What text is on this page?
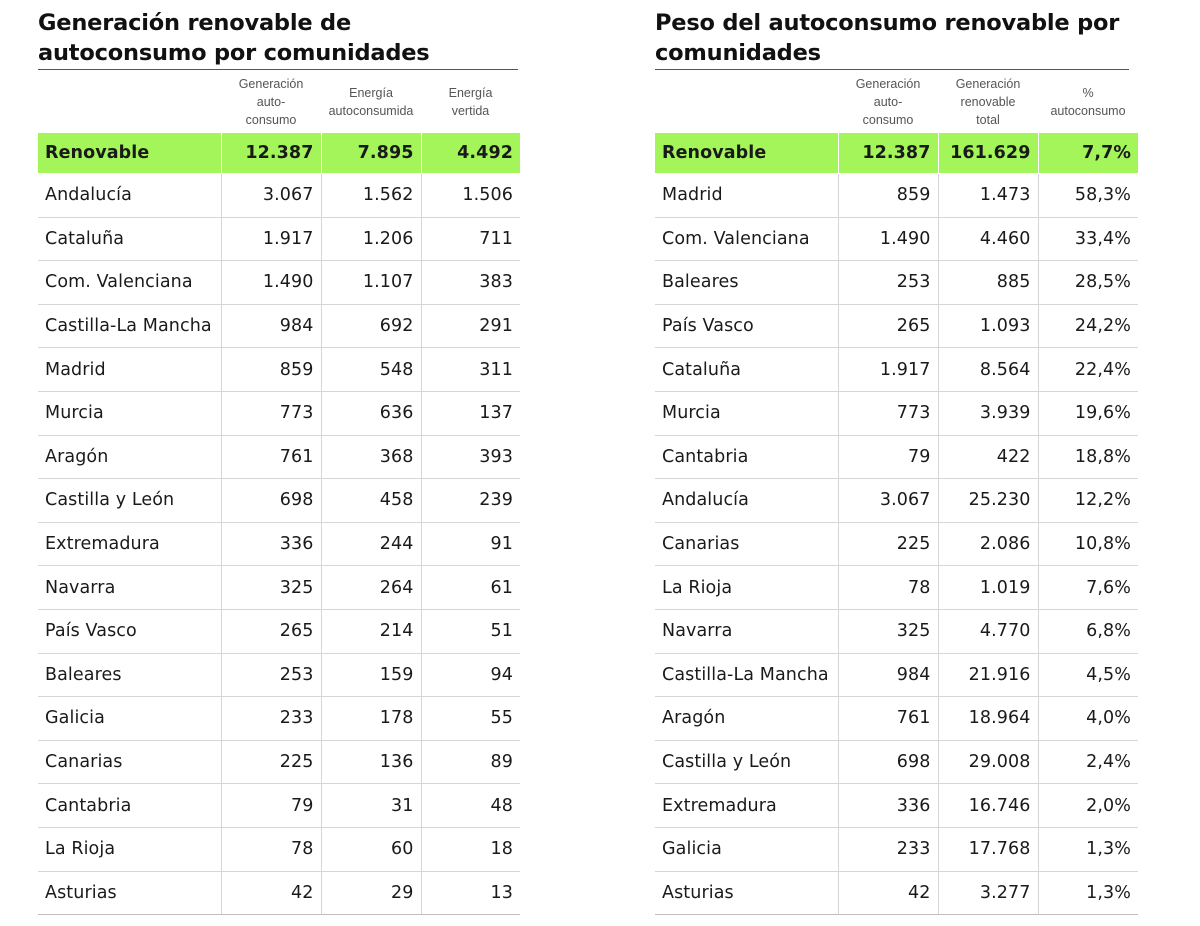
Generación renovable de autoconsumo por comunidades
	Generación
auto-
consumo	Energía
autoconsumida	Energía
vertida
Renovable	12.387	7.895	4.492
Andalucía	3.067	1.562	1.506
Cataluña	1.917	1.206	711
Com. Valenciana	1.490	1.107	383
Castilla-La Mancha	984	692	291
Madrid	859	548	311
Murcia	773	636	137
Aragón	761	368	393
Castilla y León	698	458	239
Extremadura	336	244	91
Navarra	325	264	61
País Vasco	265	214	51
Baleares	253	159	94
Galicia	233	178	55
Canarias	225	136	89
Cantabria	79	31	48
La Rioja	78	60	18
Asturias	42	29	13
Peso del autoconsumo renovable por comunidades
	Generación
auto-
consumo	Generación
renovable
total	%
autoconsumo
Renovable	12.387	161.629	7,7%
Madrid	859	1.473	58,3%
Com. Valenciana	1.490	4.460	33,4%
Baleares	253	885	28,5%
País Vasco	265	1.093	24,2%
Cataluña	1.917	8.564	22,4%
Murcia	773	3.939	19,6%
Cantabria	79	422	18,8%
Andalucía	3.067	25.230	12,2%
Canarias	225	2.086	10,8%
La Rioja	78	1.019	7,6%
Navarra	325	4.770	6,8%
Castilla-La Mancha	984	21.916	4,5%
Aragón	761	18.964	4,0%
Castilla y León	698	29.008	2,4%
Extremadura	336	16.746	2,0%
Galicia	233	17.768	1,3%
Asturias	42	3.277	1,3%
